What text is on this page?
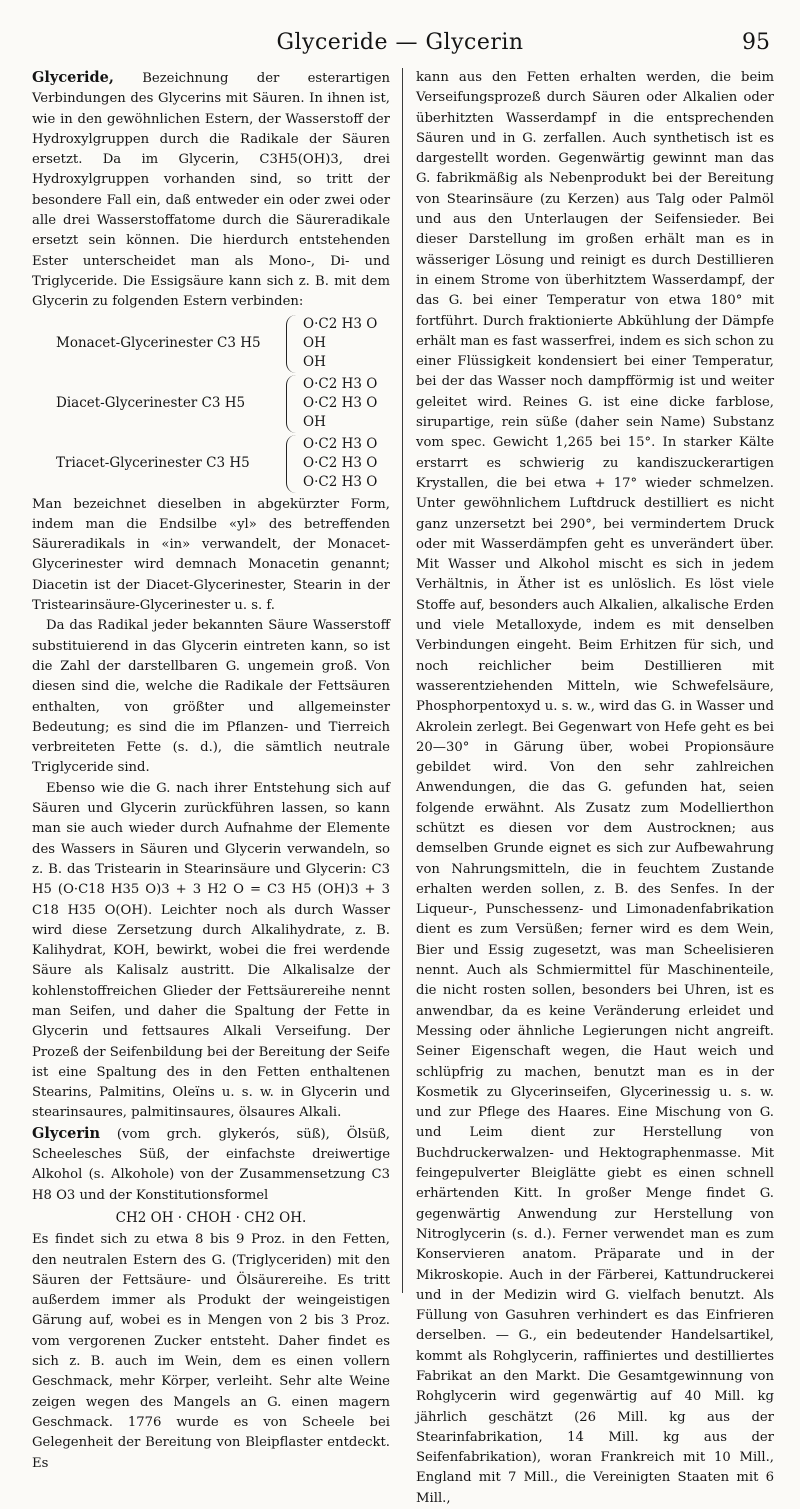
Glyceride — Glycerin	95

Glyceride, Bezeichnung der esterartigen Verbindungen des Glycerins mit Säuren. In ihnen ist, wie in den gewöhnlichen Estern, der Wasserstoff der Hydroxylgruppen durch die Radikale der Säuren ersetzt. Da im Glycerin, C3H5(OH)3, drei Hydroxylgruppen vorhanden sind, so tritt der besondere Fall ein, daß entweder ein oder zwei oder alle drei Wasserstoffatome durch die Säureradikale ersetzt sein können. Die hierdurch entstehenden Ester unterscheidet man als Mono-, Di- und Triglyceride. Die Essigsäure kann sich z. B. mit dem Glycerin zu folgenden Estern verbinden:

Monacet-Glycerinester C3 H5
O·C2 H3 O
OH
OH
Diacet-Glycerinester C3 H5
O·C2 H3 O
O·C2 H3 O
OH
Triacet-Glycerinester C3 H5
O·C2 H3 O
O·C2 H3 O
O·C2 H3 O

Man bezeichnet dieselben in abgekürzter Form, indem man die Endsilbe «yl» des betreffenden Säureradikals in «in» verwandelt, der Monacet-Glycerinester wird demnach Monacetin genannt; Diacetin ist der Diacet-Glycerinester, Stearin in der Tristearinsäure-Glycerinester u. s. f.

Da das Radikal jeder bekannten Säure Wasserstoff substituierend in das Glycerin eintreten kann, so ist die Zahl der darstellbaren G. ungemein groß. Von diesen sind die, welche die Radikale der Fettsäuren enthalten, von größter und allgemeinster Bedeutung; es sind die im Pflanzen- und Tierreich verbreiteten Fette (s. d.), die sämtlich neutrale Triglyceride sind.

Ebenso wie die G. nach ihrer Entstehung sich auf Säuren und Glycerin zurückführen lassen, so kann man sie auch wieder durch Aufnahme der Elemente des Wassers in Säuren und Glycerin verwandeln, so z. B. das Tristearin in Stearinsäure und Glycerin: C3 H5 (O·C18 H35 O)3 + 3 H2 O = C3 H5 (OH)3 + 3 C18 H35 O(OH). Leichter noch als durch Wasser wird diese Zersetzung durch Alkalihydrate, z. B. Kalihydrat, KOH, bewirkt, wobei die frei werdende Säure als Kalisalz austritt. Die Alkalisalze der kohlenstoffreichen Glieder der Fettsäurereihe nennt man Seifen, und daher die Spaltung der Fette in Glycerin und fettsaures Alkali Verseifung. Der Prozeß der Seifenbildung bei der Bereitung der Seife ist eine Spaltung des in den Fetten enthaltenen Stearins, Palmitins, Oleïns u. s. w. in Glycerin und stearinsaures, palmitinsaures, ölsaures Alkali.

Glycerin (vom grch. glykerós, süß), Ölsüß, Scheelesches Süß, der einfachste dreiwertige Alkohol (s. Alkohole) von der Zusammensetzung C3 H8 O3 und der Konstitutionsformel

CH2 OH · CHOH · CH2 OH.

Es findet sich zu etwa 8 bis 9 Proz. in den Fetten, den neutralen Estern des G. (Triglyceriden) mit den Säuren der Fettsäure- und Ölsäurereihe. Es tritt außerdem immer als Produkt der weingeistigen Gärung auf, wobei es in Mengen von 2 bis 3 Proz. vom vergorenen Zucker entsteht. Daher findet es sich z. B. auch im Wein, dem es einen vollern Geschmack, mehr Körper, verleiht. Sehr alte Weine zeigen wegen des Mangels an G. einen magern Geschmack. 1776 wurde es von Scheele bei Gelegenheit der Bereitung von Bleipflaster entdeckt. Es

kann aus den Fetten erhalten werden, die beim Verseifungsprozeß durch Säuren oder Alkalien oder überhitzten Wasserdampf in die entsprechenden Säuren und in G. zerfallen. Auch synthetisch ist es dargestellt worden. Gegenwärtig gewinnt man das G. fabrikmäßig als Nebenprodukt bei der Bereitung von Stearinsäure (zu Kerzen) aus Talg oder Palmöl und aus den Unterlaugen der Seifensieder. Bei dieser Darstellung im großen erhält man es in wässeriger Lösung und reinigt es durch Destillieren in einem Strome von überhitztem Wasserdampf, der das G. bei einer Temperatur von etwa 180° mit fortführt. Durch fraktionierte Abkühlung der Dämpfe erhält man es fast wasserfrei, indem es sich schon zu einer Flüssigkeit kondensiert bei einer Temperatur, bei der das Wasser noch dampfförmig ist und weiter geleitet wird. Reines G. ist eine dicke farblose, sirupartige, rein süße (daher sein Name) Substanz vom spec. Gewicht 1,265 bei 15°. In starker Kälte erstarrt es schwierig zu kandiszuckerartigen Krystallen, die bei etwa + 17° wieder schmelzen. Unter gewöhnlichem Luftdruck destilliert es nicht ganz unzersetzt bei 290°, bei vermindertem Druck oder mit Wasserdämpfen geht es unverändert über. Mit Wasser und Alkohol mischt es sich in jedem Verhältnis, in Äther ist es unlöslich. Es löst viele Stoffe auf, besonders auch Alkalien, alkalische Erden und viele Metalloxyde, indem es mit denselben Verbindungen eingeht. Beim Erhitzen für sich, und noch reichlicher beim Destillieren mit wasserentziehenden Mitteln, wie Schwefelsäure, Phosphorpentoxyd u. s. w., wird das G. in Wasser und Akrolein zerlegt. Bei Gegenwart von Hefe geht es bei 20—30° in Gärung über, wobei Propionsäure gebildet wird. Von den sehr zahlreichen Anwendungen, die das G. gefunden hat, seien folgende erwähnt. Als Zusatz zum Modellierthon schützt es diesen vor dem Austrocknen; aus demselben Grunde eignet es sich zur Aufbewahrung von Nahrungsmitteln, die in feuchtem Zustande erhalten werden sollen, z. B. des Senfes. In der Liqueur-, Punschessenz- und Limonadenfabrikation dient es zum Versüßen; ferner wird es dem Wein, Bier und Essig zugesetzt, was man Scheelisieren nennt. Auch als Schmiermittel für Maschinenteile, die nicht rosten sollen, besonders bei Uhren, ist es anwendbar, da es keine Veränderung erleidet und Messing oder ähnliche Legierungen nicht angreift. Seiner Eigenschaft wegen, die Haut weich und schlüpfrig zu machen, benutzt man es in der Kosmetik zu Glycerinseifen, Glycerinessig u. s. w. und zur Pflege des Haares. Eine Mischung von G. und Leim dient zur Herstellung von Buchdruckerwalzen- und Hektographenmasse. Mit feingepulverter Bleiglätte giebt es einen schnell erhärtenden Kitt. In großer Menge findet G. gegenwärtig Anwendung zur Herstellung von Nitroglycerin (s. d.). Ferner verwendet man es zum Konservieren anatom. Präparate und in der Mikroskopie. Auch in der Färberei, Kattundruckerei und in der Medizin wird G. vielfach benutzt. Als Füllung von Gasuhren verhindert es das Einfrieren derselben. — G., ein bedeutender Handelsartikel, kommt als Rohglycerin, raffiniertes und destilliertes Fabrikat an den Markt. Die Gesamtgewinnung von Rohglycerin wird gegenwärtig auf 40 Mill. kg jährlich geschätzt (26 Mill. kg aus der Stearinfabrikation, 14 Mill. kg aus der Seifenfabrikation), woran Frankreich mit 10 Mill., England mit 7 Mill., die Vereinigten Staaten mit 6 Mill.,
